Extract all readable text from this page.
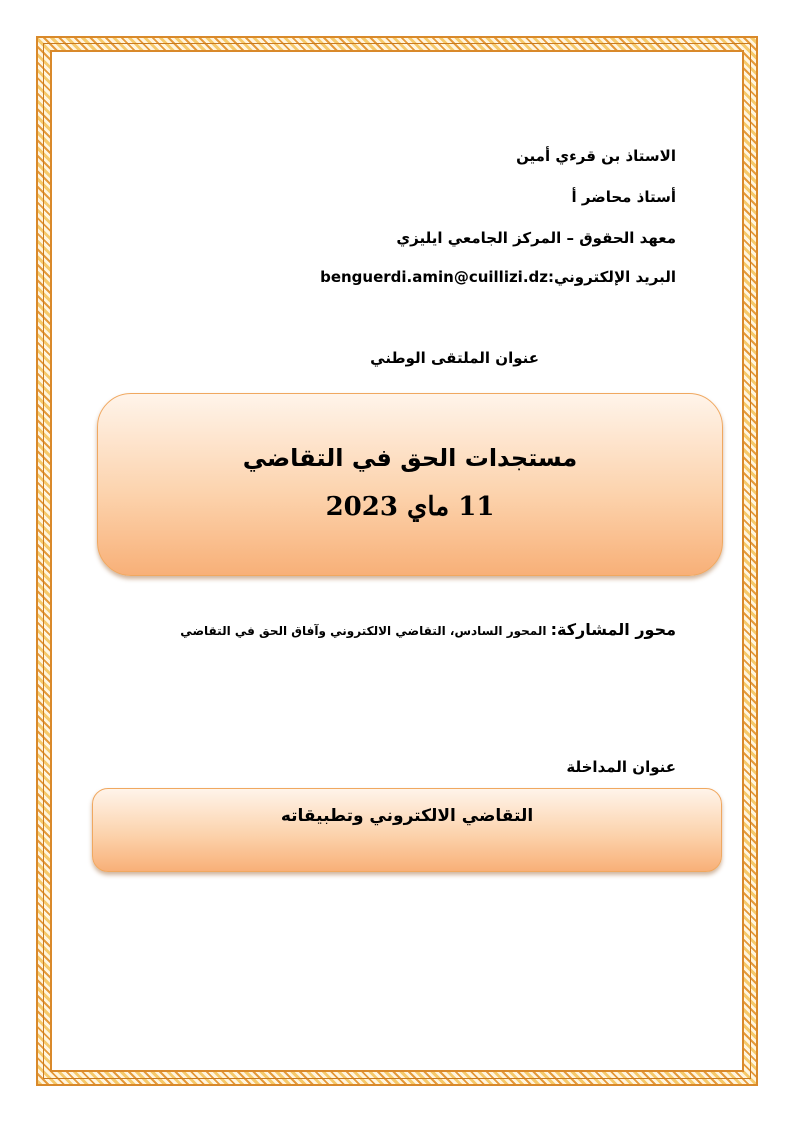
الاستاذ بن قرءي أمين
أستاذ محاضر أ
معهد الحقوق – المركز الجامعي ايليزي
البريد الإلكتروني:benguerdi.amin@cuillizi.dz
عنوان الملتقى الوطني
مستجدات الحق في التقاضي
11 ماي 2023
محور المشاركة: المحور السادس، التقاضي الالكتروني وآفاق الحق في التقاضي
عنوان المداخلة
التقاضي الالكتروني وتطبيقاته
